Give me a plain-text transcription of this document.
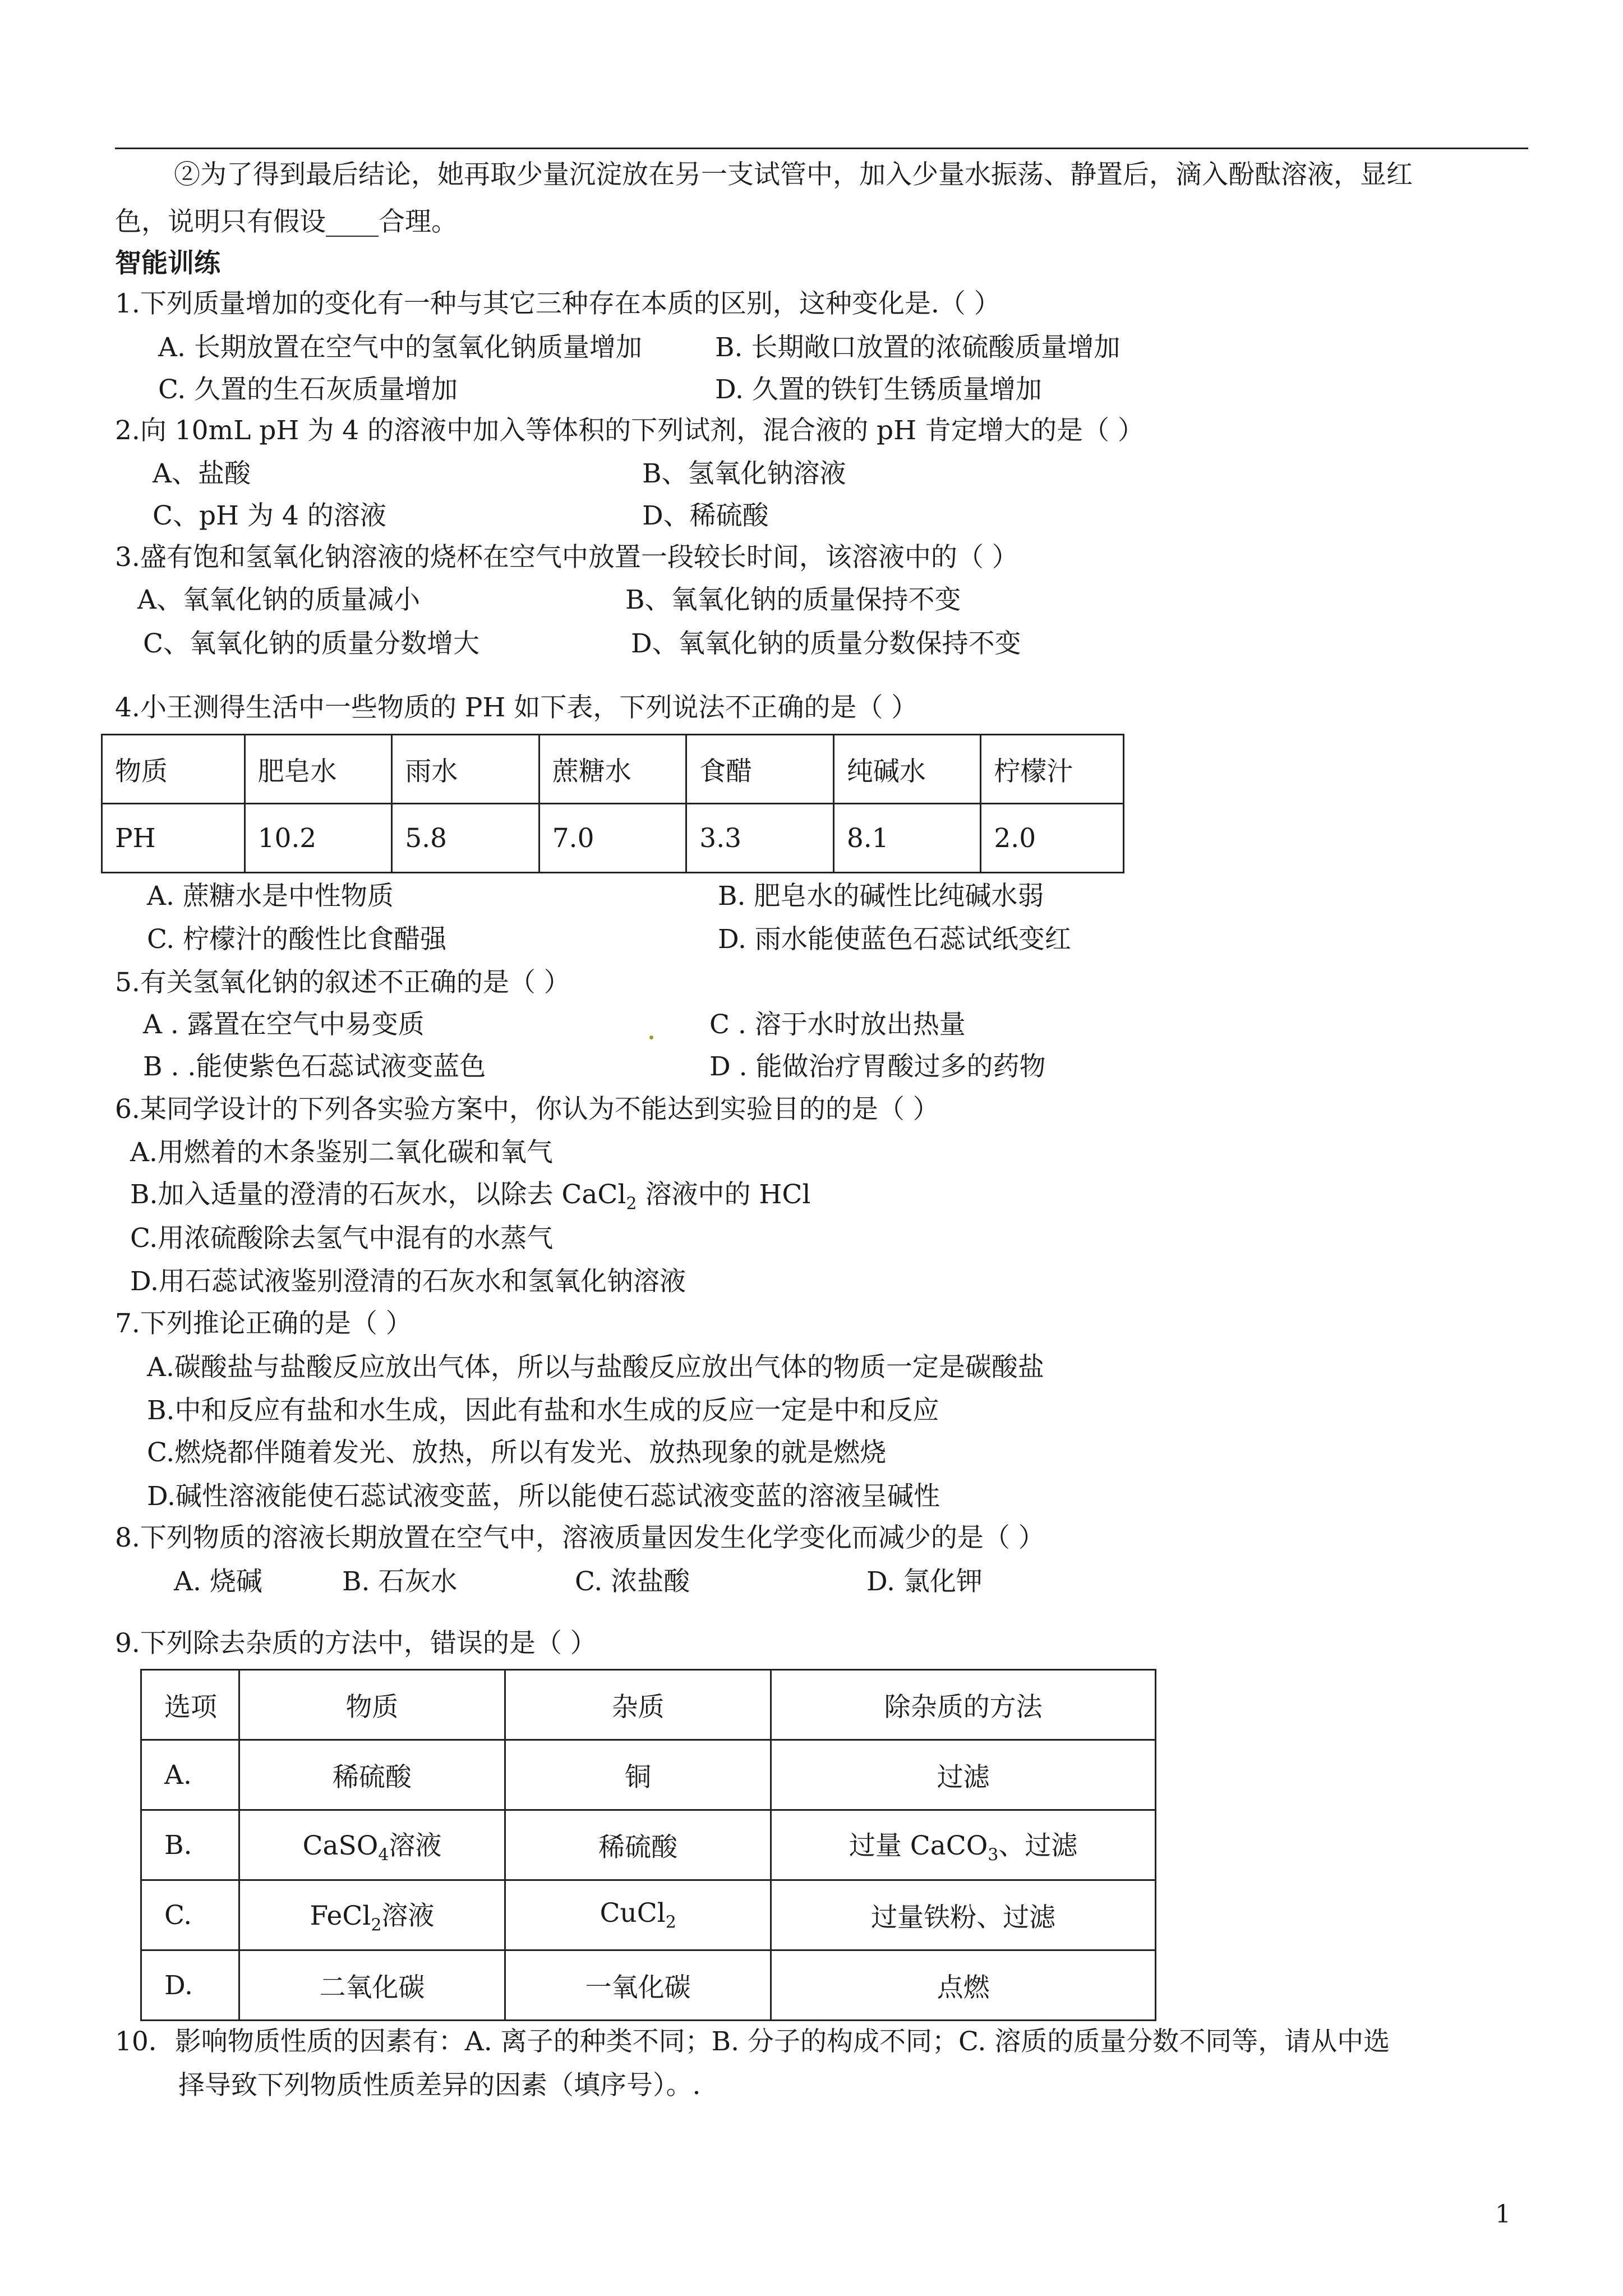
②为了得到最后结论，她再取少量沉淀放在另一支试管中，加入少量水振荡、静置后，滴入酚酞溶液，显红
色，说明只有假设____合理。
智能训练
1.下列质量增加的变化有一种与其它三种存在本质的区别，这种变化是.（ ）
A. 长期放置在空气中的氢氧化钠质量增加	B. 长期敞口放置的浓硫酸质量增加
C. 久置的生石灰质量增加	D. 久置的铁钉生锈质量增加
2.向 10mL pH 为 4 的溶液中加入等体积的下列试剂，混合液的 pH 肯定增大的是（ ）
A、盐酸	B、氢氧化钠溶液
C、pH 为 4 的溶液	D、稀硫酸
3.盛有饱和氢氧化钠溶液的烧杯在空气中放置一段较长时间，该溶液中的（ ）
A、氧氧化钠的质量减小	B、氧氧化钠的质量保持不变
C、氧氧化钠的质量分数增大	D、氧氧化钠的质量分数保持不变
4.小王测得生活中一些物质的 PH 如下表，下列说法不正确的是（ ）
物质	肥皂水	雨水	蔗糖水	食醋	纯碱水	柠檬汁
PH	10.2	5.8	7.0	3.3	8.1	2.0
A. 蔗糖水是中性物质	B. 肥皂水的碱性比纯碱水弱
C. 柠檬汁的酸性比食醋强	D. 雨水能使蓝色石蕊试纸变红
5.有关氢氧化钠的叙述不正确的是（ ）
A . 露置在空气中易变质	C . 溶于水时放出热量
B . .能使紫色石蕊试液变蓝色	D . 能做治疗胃酸过多的药物
6.某同学设计的下列各实验方案中，你认为不能达到实验目的的是（ ）
A.用燃着的木条鉴别二氧化碳和氧气
B.加入适量的澄清的石灰水，以除去 CaCl$_2$ 溶液中的 HCl
C.用浓硫酸除去氢气中混有的水蒸气
D.用石蕊试液鉴别澄清的石灰水和氢氧化钠溶液
7.下列推论正确的是（ ）
A.碳酸盐与盐酸反应放出气体，所以与盐酸反应放出气体的物质一定是碳酸盐
B.中和反应有盐和水生成，因此有盐和水生成的反应一定是中和反应
C.燃烧都伴随着发光、放热，所以有发光、放热现象的就是燃烧
D.碱性溶液能使石蕊试液变蓝，所以能使石蕊试液变蓝的溶液呈碱性
8.下列物质的溶液长期放置在空气中，溶液质量因发生化学变化而减少的是（ ）
A. 烧碱	B. 石灰水	C. 浓盐酸	D. 氯化钾
9.下列除去杂质的方法中，错误的是（ ）
选项	物质	杂质	除杂质的方法
A.	稀硫酸	铜	过滤
B.	CaSO$_4$溶液	稀硫酸	过量 CaCO$_3$、过滤
C.	FeCl$_2$溶液	CuCl$_2$	过量铁粉、过滤
D.	二氧化碳	一氧化碳	点燃
10．影响物质性质的因素有：A. 离子的种类不同；B. 分子的构成不同；C. 溶质的质量分数不同等，请从中选
择导致下列物质性质差异的因素（填序号）。.
1
